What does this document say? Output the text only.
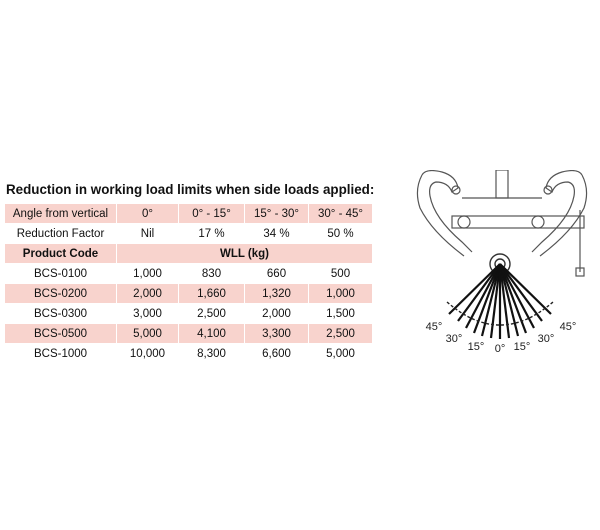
Reduction in working load limits when side loads applied:
Angle from vertical	0°	0° - 15°	15° - 30°	30° - 45°
Reduction Factor	Nil	17 %	34 %	50 %
Product Code	WLL (kg)			
BCS-0100	1,000	830	660	500
BCS-0200	2,000	1,660	1,320	1,000
BCS-0300	3,000	2,500	2,000	1,500
BCS-0500	5,000	4,100	3,300	2,500
BCS-1000	10,000	8,300	6,600	5,000
45°
30°
15° 0° 15°
30°
45°
